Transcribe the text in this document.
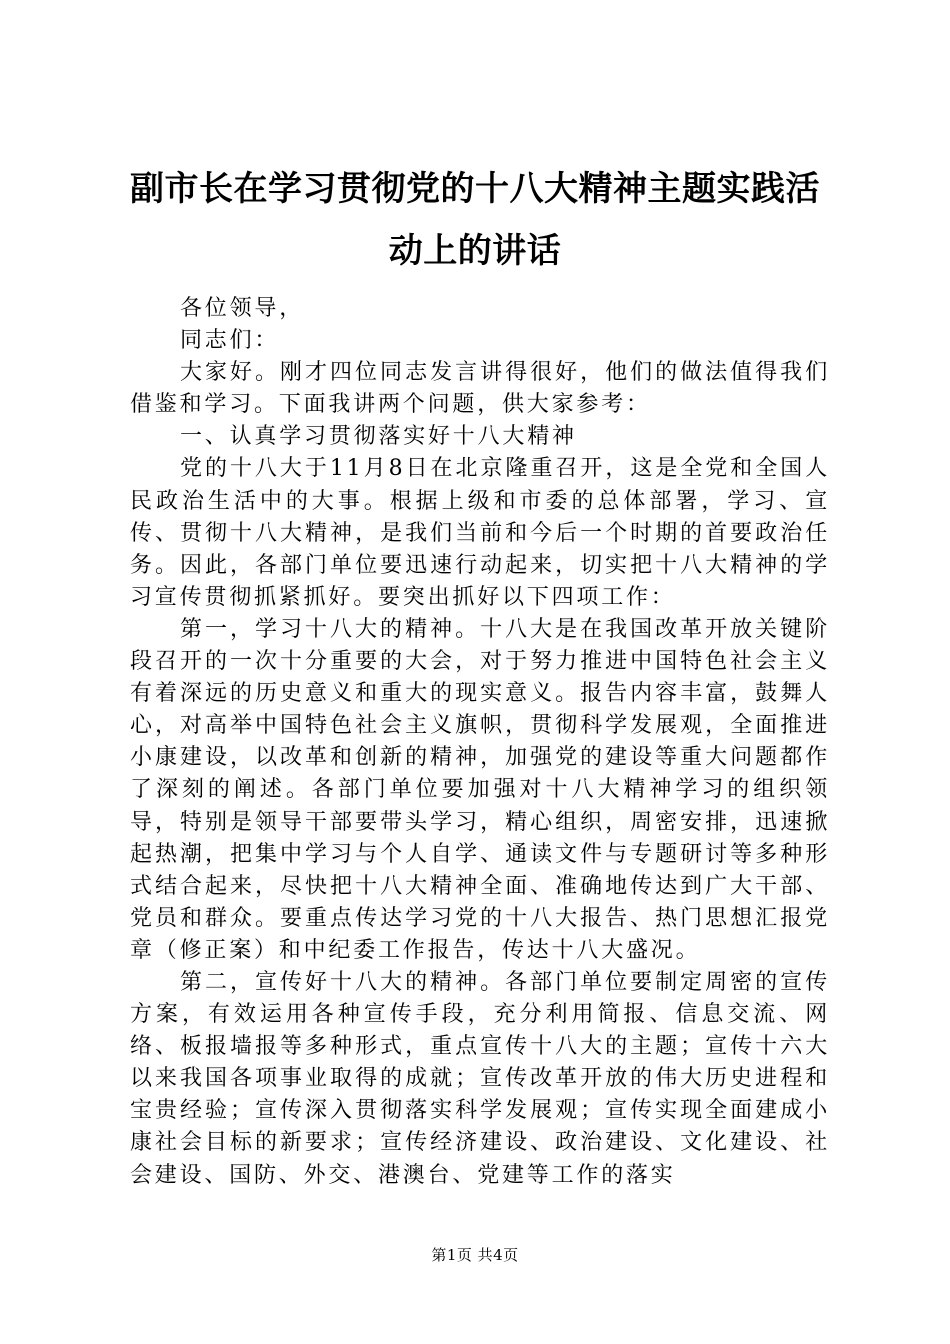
副市长在学习贯彻党的十八大精神主题实践活动上的讲话

各位领导，

同志们：

大家好。刚才四位同志发言讲得很好，他们的做法值得我们借鉴和学习。下面我讲两个问题，供大家参考：

一、认真学习贯彻落实好十八大精神

党的十八大于11月8日在北京隆重召开，这是全党和全国人民政治生活中的大事。根据上级和市委的总体部署，学习、宣传、贯彻十八大精神，是我们当前和今后一个时期的首要政治任务。因此，各部门单位要迅速行动起来，切实把十八大精神的学习宣传贯彻抓紧抓好。要突出抓好以下四项工作：

第一，学习十八大的精神。十八大是在我国改革开放关键阶段召开的一次十分重要的大会，对于努力推进中国特色社会主义有着深远的历史意义和重大的现实意义。报告内容丰富，鼓舞人心，对高举中国特色社会主义旗帜，贯彻科学发展观，全面推进小康建设，以改革和创新的精神，加强党的建设等重大问题都作了深刻的阐述。各部门单位要加强对十八大精神学习的组织领导，特别是领导干部要带头学习，精心组织，周密安排，迅速掀起热潮，把集中学习与个人自学、通读文件与专题研讨等多种形式结合起来，尽快把十八大精神全面、准确地传达到广大干部、党员和群众。要重点传达学习党的十八大报告、热门思想汇报党章（修正案）和中纪委工作报告，传达十八大盛况。

第二，宣传好十八大的精神。各部门单位要制定周密的宣传方案，有效运用各种宣传手段，充分利用简报、信息交流、网络、板报墙报等多种形式，重点宣传十八大的主题；宣传十六大以来我国各项事业取得的成就；宣传改革开放的伟大历史进程和宝贵经验；宣传深入贯彻落实科学发展观；宣传实现全面建成小康社会目标的新要求；宣传经济建设、政治建设、文化建设、社会建设、国防、外交、港澳台、党建等工作的落实

第1页 共4页
